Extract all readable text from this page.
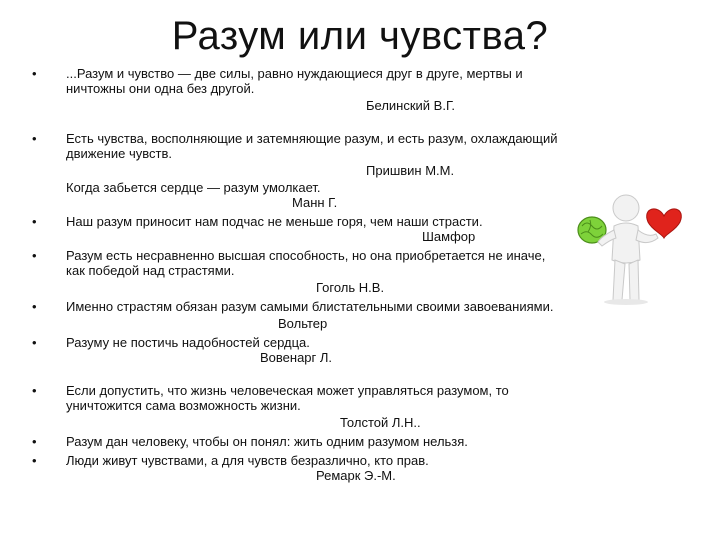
Разум или чувства?
•	...Разум и чувство — две силы, равно нуждающиеся друг в друге, мертвы и ничтожны они одна без другой.
Белинский В.Г.
•	Есть чувства, восполняющие и затемняющие разум, и есть разум, охлаждающий движение чувств.
Пришвин М.М.
Когда забьется сердце — разум умолкает.
Манн Г.
•	Наш разум приносит нам подчас не меньше горя, чем наши страсти.
Шамфор
•	Разум есть несравненно высшая способность, но она приобретается не иначе, как победой над страстями.
Гоголь Н.В.
•	Именно страстям обязан разум самыми блистательными своими завоеваниями.
Вольтер
•	Разуму не постичь надобностей сердца.
Вовенарг Л.
•	Если допустить, что жизнь человеческая может управляться разумом, то уничтожится сама возможность жизни.
Толстой Л.Н..
•	Разум дан человеку, чтобы он понял: жить одним разумом нельзя.
•	Люди живут чувствами, а для чувств безразлично, кто прав.
Ремарк Э.-М.
